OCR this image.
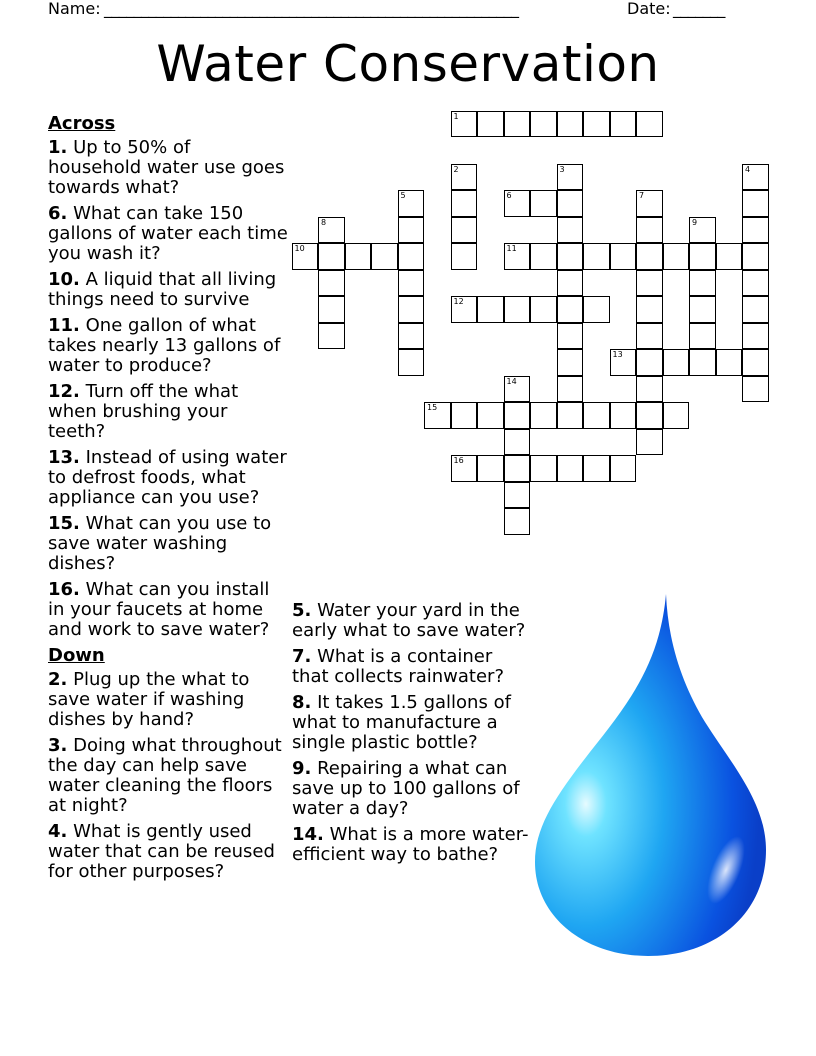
Name: ________________________________________________________	Date: _______
Water Conservation
Across
1. Up to 50% of household water use goes towards what?
6. What can take 150 gallons of water each time you wash it?
10. A liquid that all living things need to survive
11. One gallon of what takes nearly 13 gallons of water to produce?
12. Turn off the what when brushing your teeth?
13. Instead of using water to defrost foods, what appliance can you use?
15. What can you use to save water washing dishes?
16. What can you install in your faucets at home and work to save water?
Down
2. Plug up the what to save water if washing dishes by hand?
3. Doing what throughout the day can help save water cleaning the floors at night?
4. What is gently used water that can be reused for other purposes?
5. Water your yard in the early what to save water?
7. What is a container that collects rainwater?
8. It takes 1.5 gallons of what to manufacture a single plastic bottle?
9. Repairing a what can save up to 100 gallons of water a day?
14. What is a more water-efficient way to bathe?
1
2	3	4
5	6	7
8	9
10	11
12
13
14
15
16
